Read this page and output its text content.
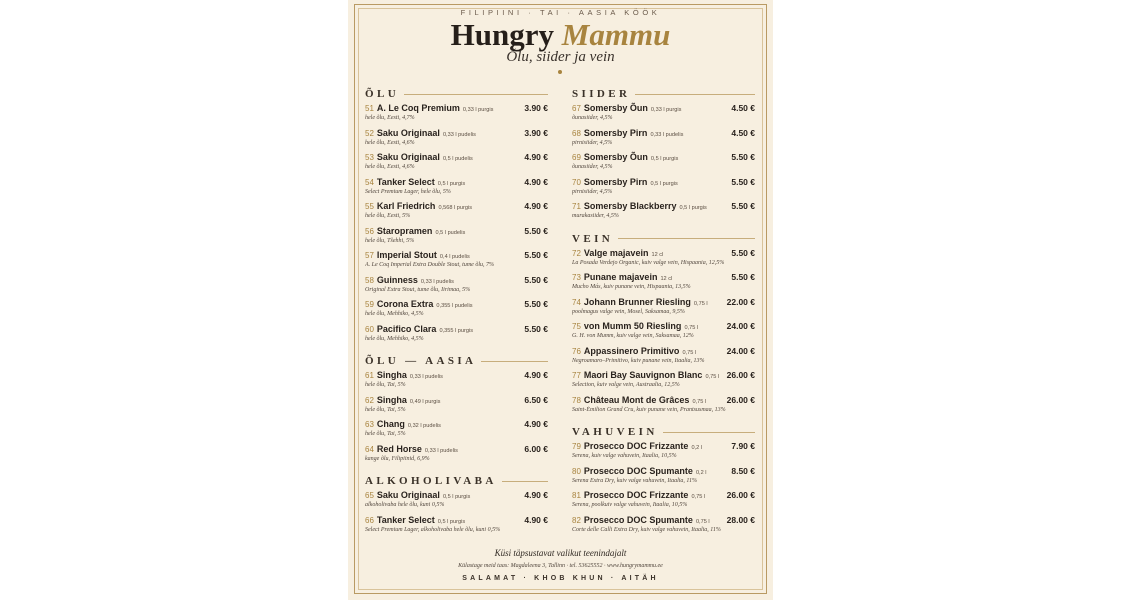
FILIPIINI · TAI · AASIA KÖÖK
Hungry Mammu
Õlu, siider ja vein
ÕLU
51 A. Le Coq Premium 0,33 l purgis	3.90 €
hele õlu, Eesti, 4,7%
52 Saku Originaal 0,33 l pudelis	3.90 €
hele õlu, Eesti, 4,6%
53 Saku Originaal 0,5 l pudelis	4.90 €
hele õlu, Eesti, 4,6%
54 Tanker Select 0,5 l purgis	4.90 €
Select Premium Lager, hele õlu, 5%
55 Karl Friedrich 0,568 l purgis	4.90 €
hele õlu, Eesti, 5%
56 Staropramen 0,5 l pudelis	5.50 €
hele õlu, Tšehhi, 5%
57 Imperial Stout 0,4 l pudelis	5.50 €
A. Le Coq Imperial Extra Double Stout, tume õlu, 7%
58 Guinness 0,33 l pudelis	5.50 €
Original Extra Stout, tume õlu, Iirimaa, 5%
59 Corona Extra 0,355 l pudelis	5.50 €
hele õlu, Mehhiko, 4,5%
60 Pacifico Clara 0,355 l purgis	5.50 €
hele õlu, Mehhiko, 4,5%
ÕLU — AASIA
61 Singha 0,33 l pudelis	4.90 €
hele õlu, Tai, 5%
62 Singha 0,49 l purgis	6.50 €
hele õlu, Tai, 5%
63 Chang 0,32 l pudelis	4.90 €
hele õlu, Tai, 5%
64 Red Horse 0,33 l pudelis	6.00 €
kange õlu, Filipiinid, 6,9%
ALKOHOLIVABA
65 Saku Originaal 0,5 l purgis	4.90 €
alkoholivaba hele õlu, kuni 0,5%
66 Tanker Select 0,5 l purgis	4.90 €
Select Premium Lager, alkoholivaba hele õlu, kuni 0,5%
SIIDER
67 Somersby Õun 0,33 l purgis	4.50 €
õunasiider, 4,5%
68 Somersby Pirn 0,33 l pudelis	4.50 €
pirnisiider, 4,5%
69 Somersby Õun 0,5 l purgis	5.50 €
õunasiider, 4,5%
70 Somersby Pirn 0,5 l purgis	5.50 €
pirnisiider, 4,5%
71 Somersby Blackberry 0,5 l purgis	5.50 €
murakasiider, 4,5%
VEIN
72 Valge majavein 12 cl	5.50 €
La Posada Verdejo Organic, kuiv valge vein, Hispaania, 12,5%
73 Punane majavein 12 cl	5.50 €
Mucho Más, kuiv punane vein, Hispaania, 13,5%
74 Johann Brunner Riesling 0,75 l 22.00 €
poolmagus valge vein, Mosel, Saksamaa, 9,5%
75 von Mumm 50 Riesling 0,75 l	24.00 €
G. H. von Mumm, kuiv valge vein, Saksamaa, 12%
76 Appassinero Primitivo 0,75 l	24.00 €
Negroamaro–Primitivo, kuiv punane vein, Itaalia, 13%
77 Maori Bay Sauvignon Blanc 0,75 l 26.00 €
Selection, kuiv valge vein, Austraalia, 12,5%
78 Château Mont de Grâces 0,75 l 26.00 €
Saint-Émilion Grand Cru, kuiv punane vein, Prantsusmaa, 13%
VAHUVEIN
79 Prosecco DOC Frizzante 0,2 l	7.90 €
Serena, kuiv valge vahuvein, Itaalia, 10,5%
80 Prosecco DOC Spumante 0,2 l	8.50 €
Serena Extra Dry, kuiv valge vahuvein, Itaalia, 11%
81 Prosecco DOC Frizzante 0,75 l	26.00 €
Serena, poolkuiv valge vahuvein, Itaalia, 10,5%
82 Prosecco DOC Spumante 0,75 l 28.00 €
Corte delle Calli Extra Dry, kuiv valge vahuvein, Itaalia, 11%
Küsi täpsustavat valikut teenindajalt
Külastage meid taas: Magdaleena 3, Tallinn · tel. 53625552 · www.hungrymammu.ee
SALAMAT · KHOB KHUN · AITÄH
